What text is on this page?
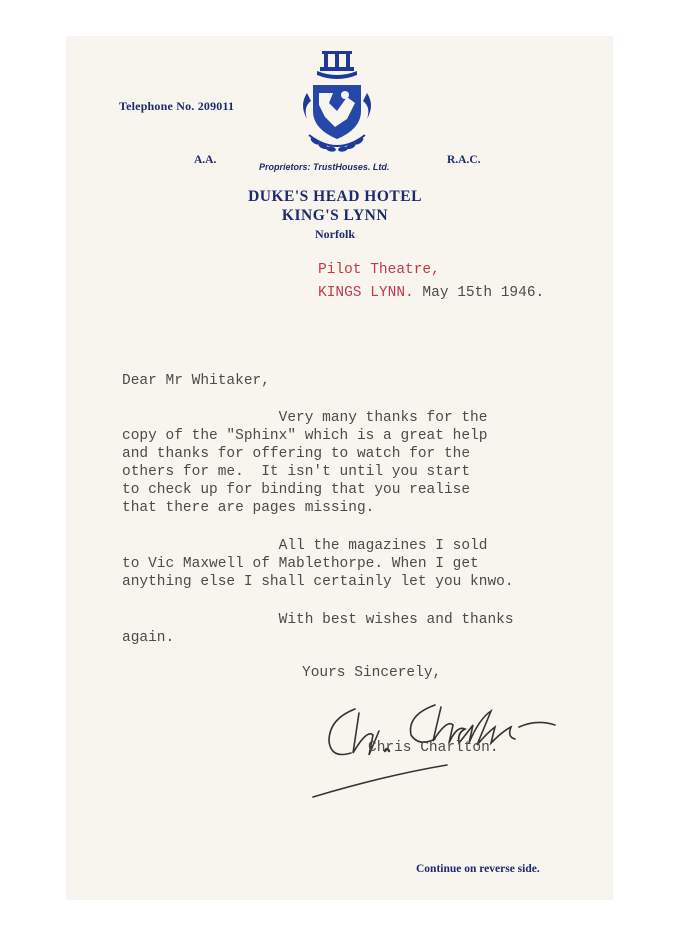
Telephone No. 209011
A.A.
Proprietors: TrustHouses. Ltd.
R.A.C.
DUKE'S HEAD HOTEL
KING'S LYNN
Norfolk
Pilot Theatre,
KINGS LYNN. May 15th 1946.
Dear Mr Whitaker,
Very many thanks for the
copy of the "Sphinx" which is a great help
and thanks for offering to watch for the
others for me.  It isn't until you start
to check up for binding that you realise
that there are pages missing.
All the magazines I sold
to Vic Maxwell of Mablethorpe. When I get
anything else I shall certainly let you knwo.
With best wishes and thanks
again.
Yours Sincerely,
Chris Charlton.
Continue on reverse side.
